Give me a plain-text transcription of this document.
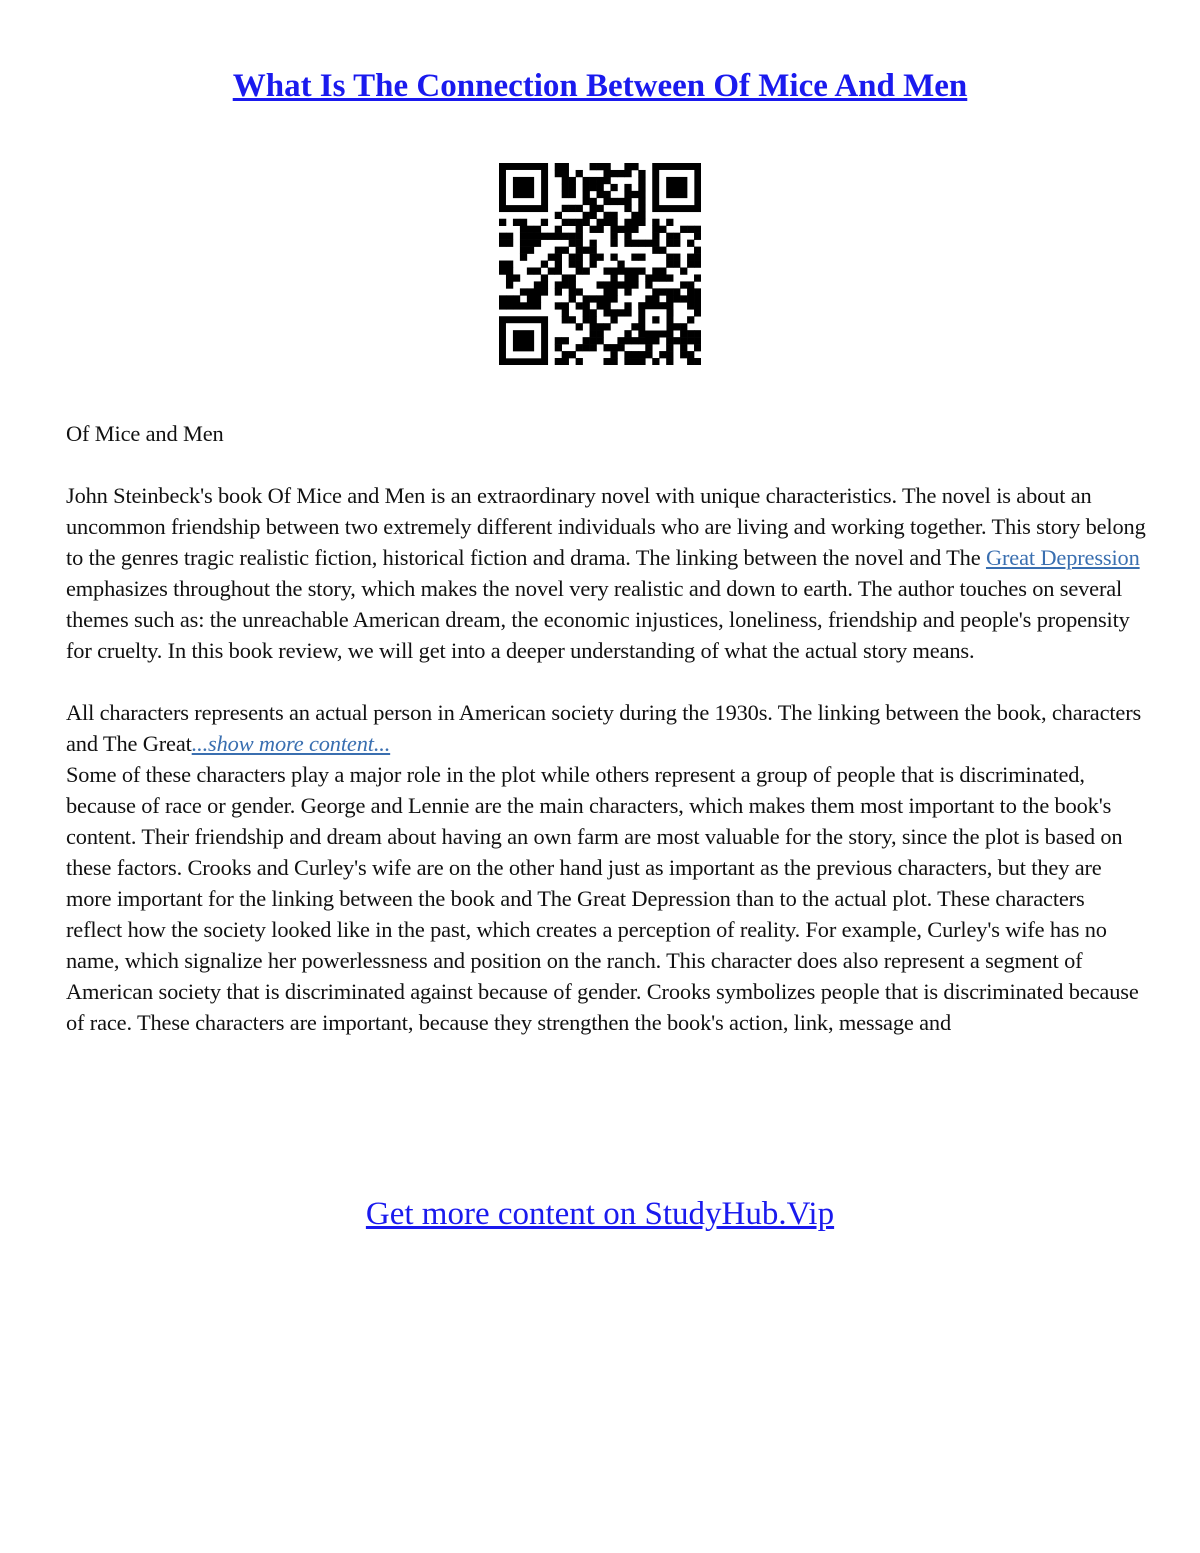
What Is The Connection Between Of Mice And Men

Of Mice and Men

John Steinbeck's book Of Mice and Men is an extraordinary novel with unique characteristics. The novel is about an uncommon friendship between two extremely different individuals who are living and working together. This story belong to the genres tragic realistic fiction, historical fiction and drama. The linking between the novel and The Great Depression emphasizes throughout the story, which makes the novel very realistic and down to earth. The author touches on several themes such as: the unreachable American dream, the economic injustices, loneliness, friendship and people's propensity for cruelty. In this book review, we will get into a deeper understanding of what the actual story means.

All characters represents an actual person in American society during the 1930s. The linking between the book, characters and The Great...show more content...

Some of these characters play a major role in the plot while others represent a group of people that is discriminated, because of race or gender. George and Lennie are the main characters, which makes them most important to the book's content. Their friendship and dream about having an own farm are most valuable for the story, since the plot is based on these factors. Crooks and Curley's wife are on the other hand just as important as the previous characters, but they are more important for the linking between the book and The Great Depression than to the actual plot. These characters reflect how the society looked like in the past, which creates a perception of reality. For example, Curley's wife has no name, which signalize her powerlessness and position on the ranch. This character does also represent a segment of American society that is discriminated against because of gender. Crooks symbolizes people that is discriminated because of race. These characters are important, because they strengthen the book's action, link, message and

Get more content on StudyHub.Vip
